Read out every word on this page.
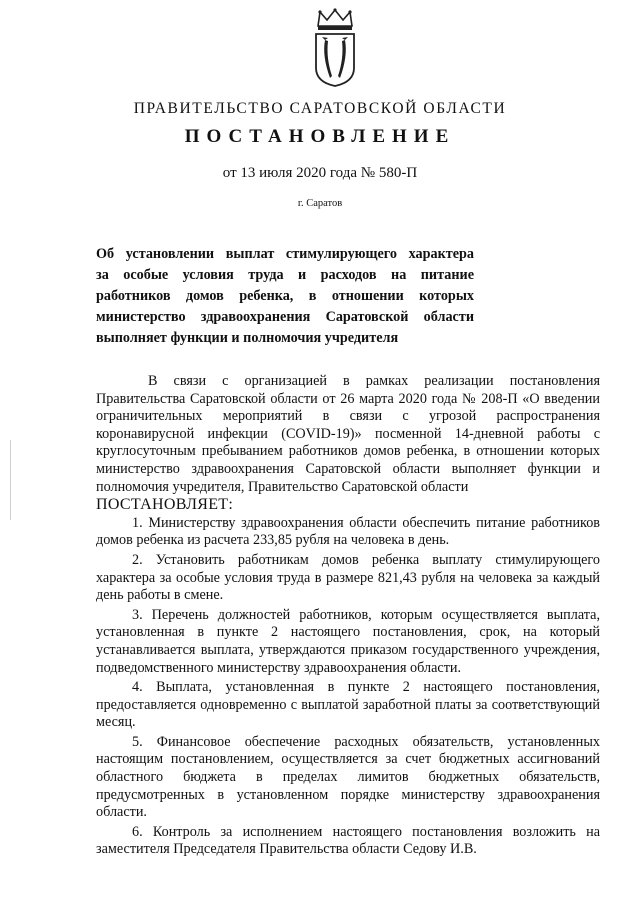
ПРАВИТЕЛЬСТВО САРАТОВСКОЙ ОБЛАСТИ
ПОСТАНОВЛЕНИЕ
от 13 июля 2020 года № 580-П
г. Саратов
Об установлении выплат стимулирующего характера
за особые условия труда и расходов на питание
работников домов ребенка, в отношении которых
министерство здравоохранения Саратовской области
выполняет функции и полномочия учредителя

В связи с организацией в рамках реализации постановления Правительства Саратовской области от 26 марта 2020 года № 208-П «О введении ограничительных мероприятий в связи с угрозой распространения коронавирусной инфекции (COVID-19)» посменной 14-дневной работы с круглосуточным пребыванием работников домов ребенка, в отношении которых министерство здравоохранения Саратовской области выполняет функции и полномочия учредителя, Правительство Саратовской области

ПОСТАНОВЛЯЕТ:

1. Министерству здравоохранения области обеспечить питание работников домов ребенка из расчета 233,85 рубля на человека в день.

2. Установить работникам домов ребенка выплату стимулирующего характера за особые условия труда в размере 821,43 рубля на человека за каждый день работы в смене.

3. Перечень должностей работников, которым осуществляется выплата, установленная в пункте 2 настоящего постановления, срок, на который устанавливается выплата, утверждаются приказом государственного учреждения, подведомственного министерству здравоохранения области.

4. Выплата, установленная в пункте 2 настоящего постановления, предоставляется одновременно с выплатой заработной платы за соответствующий месяц.

5. Финансовое обеспечение расходных обязательств, установленных настоящим постановлением, осуществляется за счет бюджетных ассигнований областного бюджета в пределах лимитов бюджетных обязательств, предусмотренных в установленном порядке министерству здравоохранения области.

6. Контроль за исполнением настоящего постановления возложить на заместителя Председателя Правительства области Седову И.В.
